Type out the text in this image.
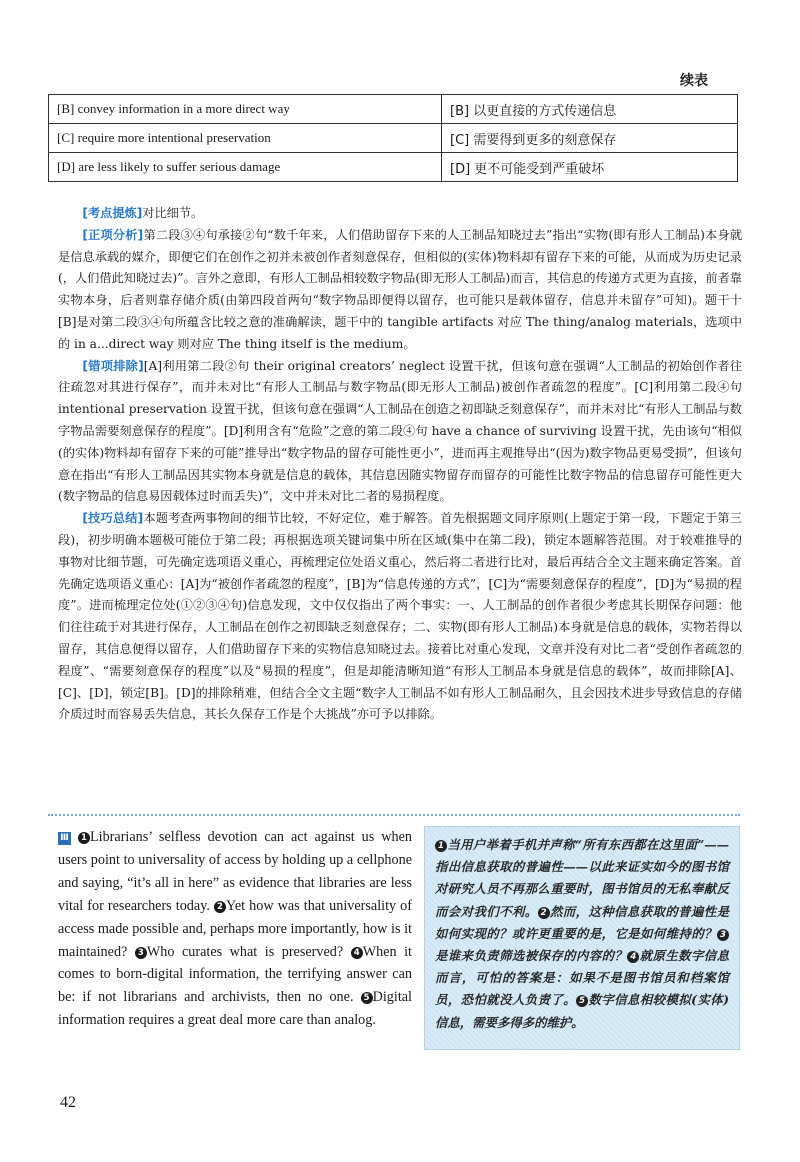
续表
[B] convey information in a more direct way	[B] 以更直接的方式传递信息
[C] require more intentional preservation	[C] 需要得到更多的刻意保存
[D] are less likely to suffer serious damage	[D] 更不可能受到严重破坏

[考点提炼]对比细节。

[正项分析]第二段③④句承接②句“数千年来，人们借助留存下来的人工制品知晓过去”指出“实物(即有形人工制品)本身就是信息承载的媒介，即便它们在创作之初并未被创作者刻意保存，但相似的(实体)物料却有留存下来的可能，从而成为历史记录(，人们借此知晓过去)”。言外之意即，有形人工制品相较数字物品(即无形人工制品)而言，其信息的传递方式更为直接，前者靠实物本身，后者则靠存储介质(由第四段首两句“数字物品即便得以留存，也可能只是载体留存，信息并未留存”可知)。题干十[B]是对第二段③④句所蕴含比较之意的准确解读，题干中的 tangible artifacts 对应 The thing/analog materials，选项中的 in a...direct way 则对应 The thing itself is the medium。

[错项排除][A]利用第二段②句 their original creators’ neglect 设置干扰，但该句意在强调“人工制品的初始创作者往往疏忽对其进行保存”，而并未对比“有形人工制品与数字物品(即无形人工制品)被创作者疏忽的程度”。[C]利用第二段④句 intentional preservation 设置干扰，但该句意在强调“人工制品在创造之初即缺乏刻意保存”，而并未对比“有形人工制品与数字物品需要刻意保存的程度”。[D]利用含有“危险”之意的第二段④句 have a chance of surviving 设置干扰，先由该句“相似(的实体)物料却有留存下来的可能”推导出“数字物品的留存可能性更小”，进而再主观推导出“(因为)数字物品更易受损”，但该句意在指出“有形人工制品因其实物本身就是信息的载体，其信息因随实物留存而留存的可能性比数字物品的信息留存可能性更大(数字物品的信息易因载体过时而丢失)”，文中并未对比二者的易损程度。

[技巧总结]本题考查两事物间的细节比较，不好定位，难于解答。首先根据题文同序原则(上题定于第一段，下题定于第三段)，初步明确本题极可能位于第二段；再根据选项关键词集中所在区域(集中在第二段)，锁定本题解答范围。对于较难推导的事物对比细节题，可先确定选项语义重心，再梳理定位处语义重心，然后将二者进行比对，最后再结合全文主题来确定答案。首先确定选项语义重心：[A]为“被创作者疏忽的程度”，[B]为“信息传递的方式”，[C]为“需要刻意保存的程度”，[D]为“易损的程度”。进而梳理定位处(①②③④句)信息发现，文中仅仅指出了两个事实：一、人工制品的创作者很少考虑其长期保存问题：他们往往疏于对其进行保存，人工制品在创作之初即缺乏刻意保存；二、实物(即有形人工制品)本身就是信息的载体，实物若得以留存，其信息便得以留存，人们借助留存下来的实物信息知晓过去。接着比对重心发现，文章并没有对比二者“受创作者疏忽的程度”、“需要刻意保存的程度”以及“易损的程度”，但是却能清晰知道“有形人工制品本身就是信息的载体”，故而排除[A]、[C]、[D]，锁定[B]。[D]的排除稍难，但结合全文主题“数字人工制品不如有形人工制品耐久，且会因技术进步导致信息的存储介质过时而容易丢失信息，其长久保存工作是个大挑战”亦可予以排除。

Ⅲ 1 Librarians’ selfless devotion can act against us when users point to universality of access by holding up a cellphone and saying, “it’s all in here” as evidence that libraries are less vital for researchers today. 2 Yet how was that universality of access made possible and, perhaps more importantly, how is it maintained? 3 Who curates what is preserved? 4 When it comes to born-digital information, the terrifying answer can be: if not librarians and archivists, then no one. 5 Digital information requires a great deal more care than analog.
1 当用户举着手机并声称“所有东西都在这里面”——指出信息获取的普遍性——以此来证实如今的图书馆对研究人员不再那么重要时，图书馆员的无私奉献反而会对我们不利。 2 然而，这种信息获取的普遍性是如何实现的？或许更重要的是，它是如何维持的？ 3是谁来负责筛选被保存的内容的？ 4 就原生数字信息而言，可怕的答案是：如果不是图书馆员和档案馆员，恐怕就没人负责了。 5 数字信息相较模拟(实体)信息，需要多得多的维护。
42
